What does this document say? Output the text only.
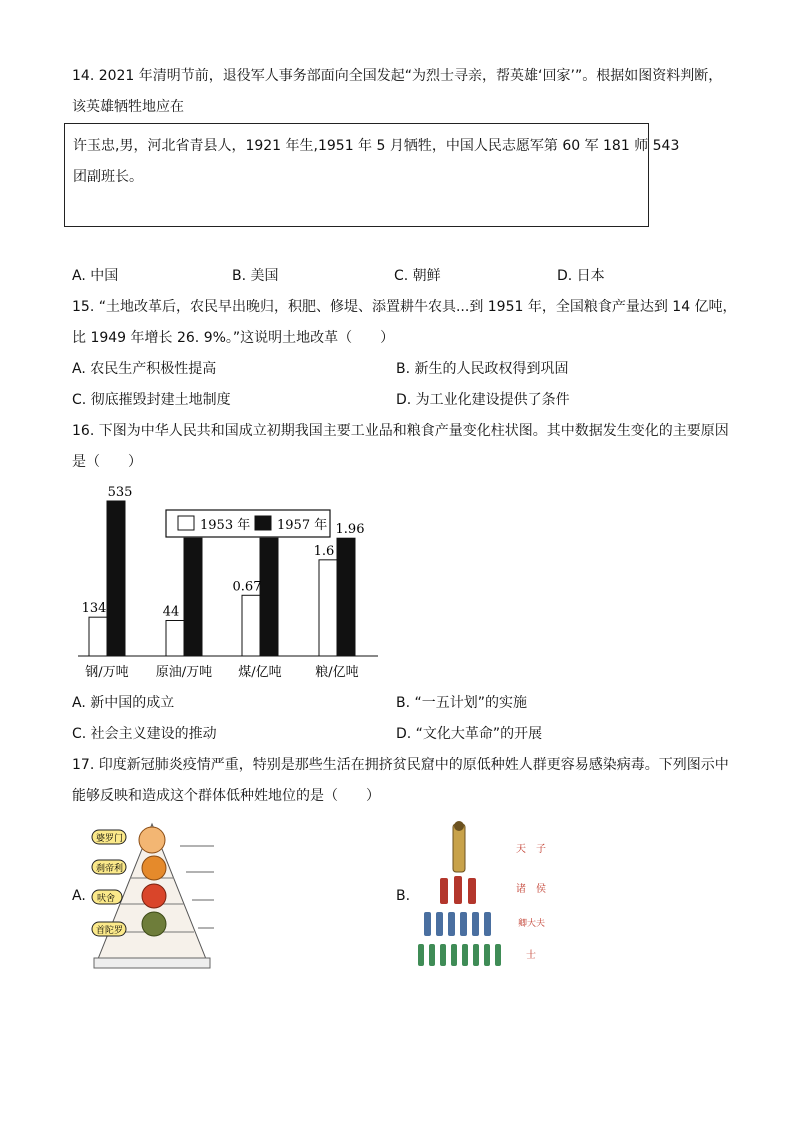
14. 2021 年清明节前，退役军人事务部面向全国发起“为烈士寻亲，帮英雄‘回家’”。根据如图资料判断，
该英雄牺牲地应在
许玉忠,男，河北省青县人，1921 年生,1951 年 5 月牺牲，中国人民志愿军第 60 军 181 师 543
团副班长。
A. 中国	B. 美国	C. 朝鲜	D. 日本
15. “土地改革后，农民早出晚归，积肥、修堤、添置耕牛农具...到 1951 年，全国粮食产量达到 14 亿吨，
比 1949 年增长 26. 9%。”这说明土地改革（　　）
A. 农民生产积极性提高	B. 新生的人民政权得到巩固
C. 彻底摧毁封建土地制度	D. 为工业化建设提供了条件
16. 下图为中华人民共和国成立初期我国主要工业品和粮食产量变化柱状图。其中数据发生变化的主要原因
是（　　）
134
535
44
0.67
1.6
1.96
钢/万吨 原油/万吨 煤/亿吨	粮/亿吨
1953 年 1957 年
A. 新中国的成立	B. “一五计划”的实施
C. 社会主义建设的推动	D. “文化大革命”的开展
17. 印度新冠肺炎疫情严重，特别是那些生活在拥挤贫民窟中的原低种姓人群更容易感染病毒。下列图示中
能够反映和造成这个群体低种姓地位的是（　　）
A.
婆罗门
刹帝利
吠舍
首陀罗
B.
天 子
诸 侯
卿大夫
士
